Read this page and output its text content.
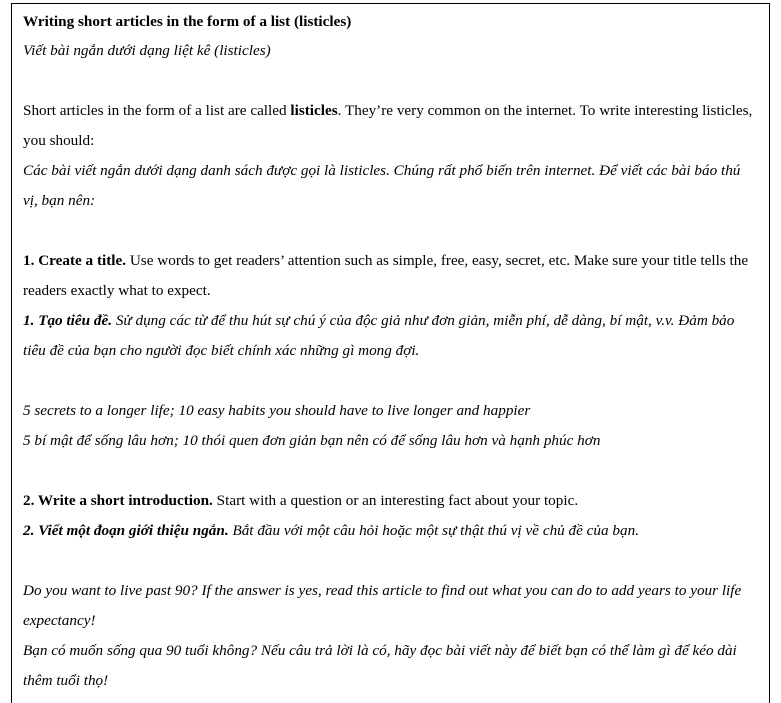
Writing short articles in the form of a list (listicles)

Viết bài ngắn dưới dạng liệt kê (listicles)

Short articles in the form of a list are called listicles. They’re very common on the internet. To write interesting listicles, you should:

Các bài viết ngắn dưới dạng danh sách được gọi là listicles. Chúng rất phổ biến trên internet. Để viết các bài báo thú vị, bạn nên:

1. Create a title. Use words to get readers’ attention such as simple, free, easy, secret, etc. Make sure your title tells the readers exactly what to expect.

1. Tạo tiêu đề. Sử dụng các từ để thu hút sự chú ý của độc giả như đơn giản, miễn phí, dễ dàng, bí mật, v.v. Đảm bảo tiêu đề của bạn cho người đọc biết chính xác những gì mong đợi.

5 secrets to a longer life; 10 easy habits you should have to live longer and happier

5 bí mật để sống lâu hơn; 10 thói quen đơn giản bạn nên có để sống lâu hơn và hạnh phúc hơn

2. Write a short introduction. Start with a question or an interesting fact about your topic.

2. Viết một đoạn giới thiệu ngắn. Bắt đầu với một câu hỏi hoặc một sự thật thú vị về chủ đề của bạn.

Do you want to live past 90? If the answer is yes, read this article to find out what you can do to add years to your life expectancy!

Bạn có muốn sống qua 90 tuổi không? Nếu câu trả lời là có, hãy đọc bài viết này để biết bạn có thể làm gì để kéo dài thêm tuổi thọ!
